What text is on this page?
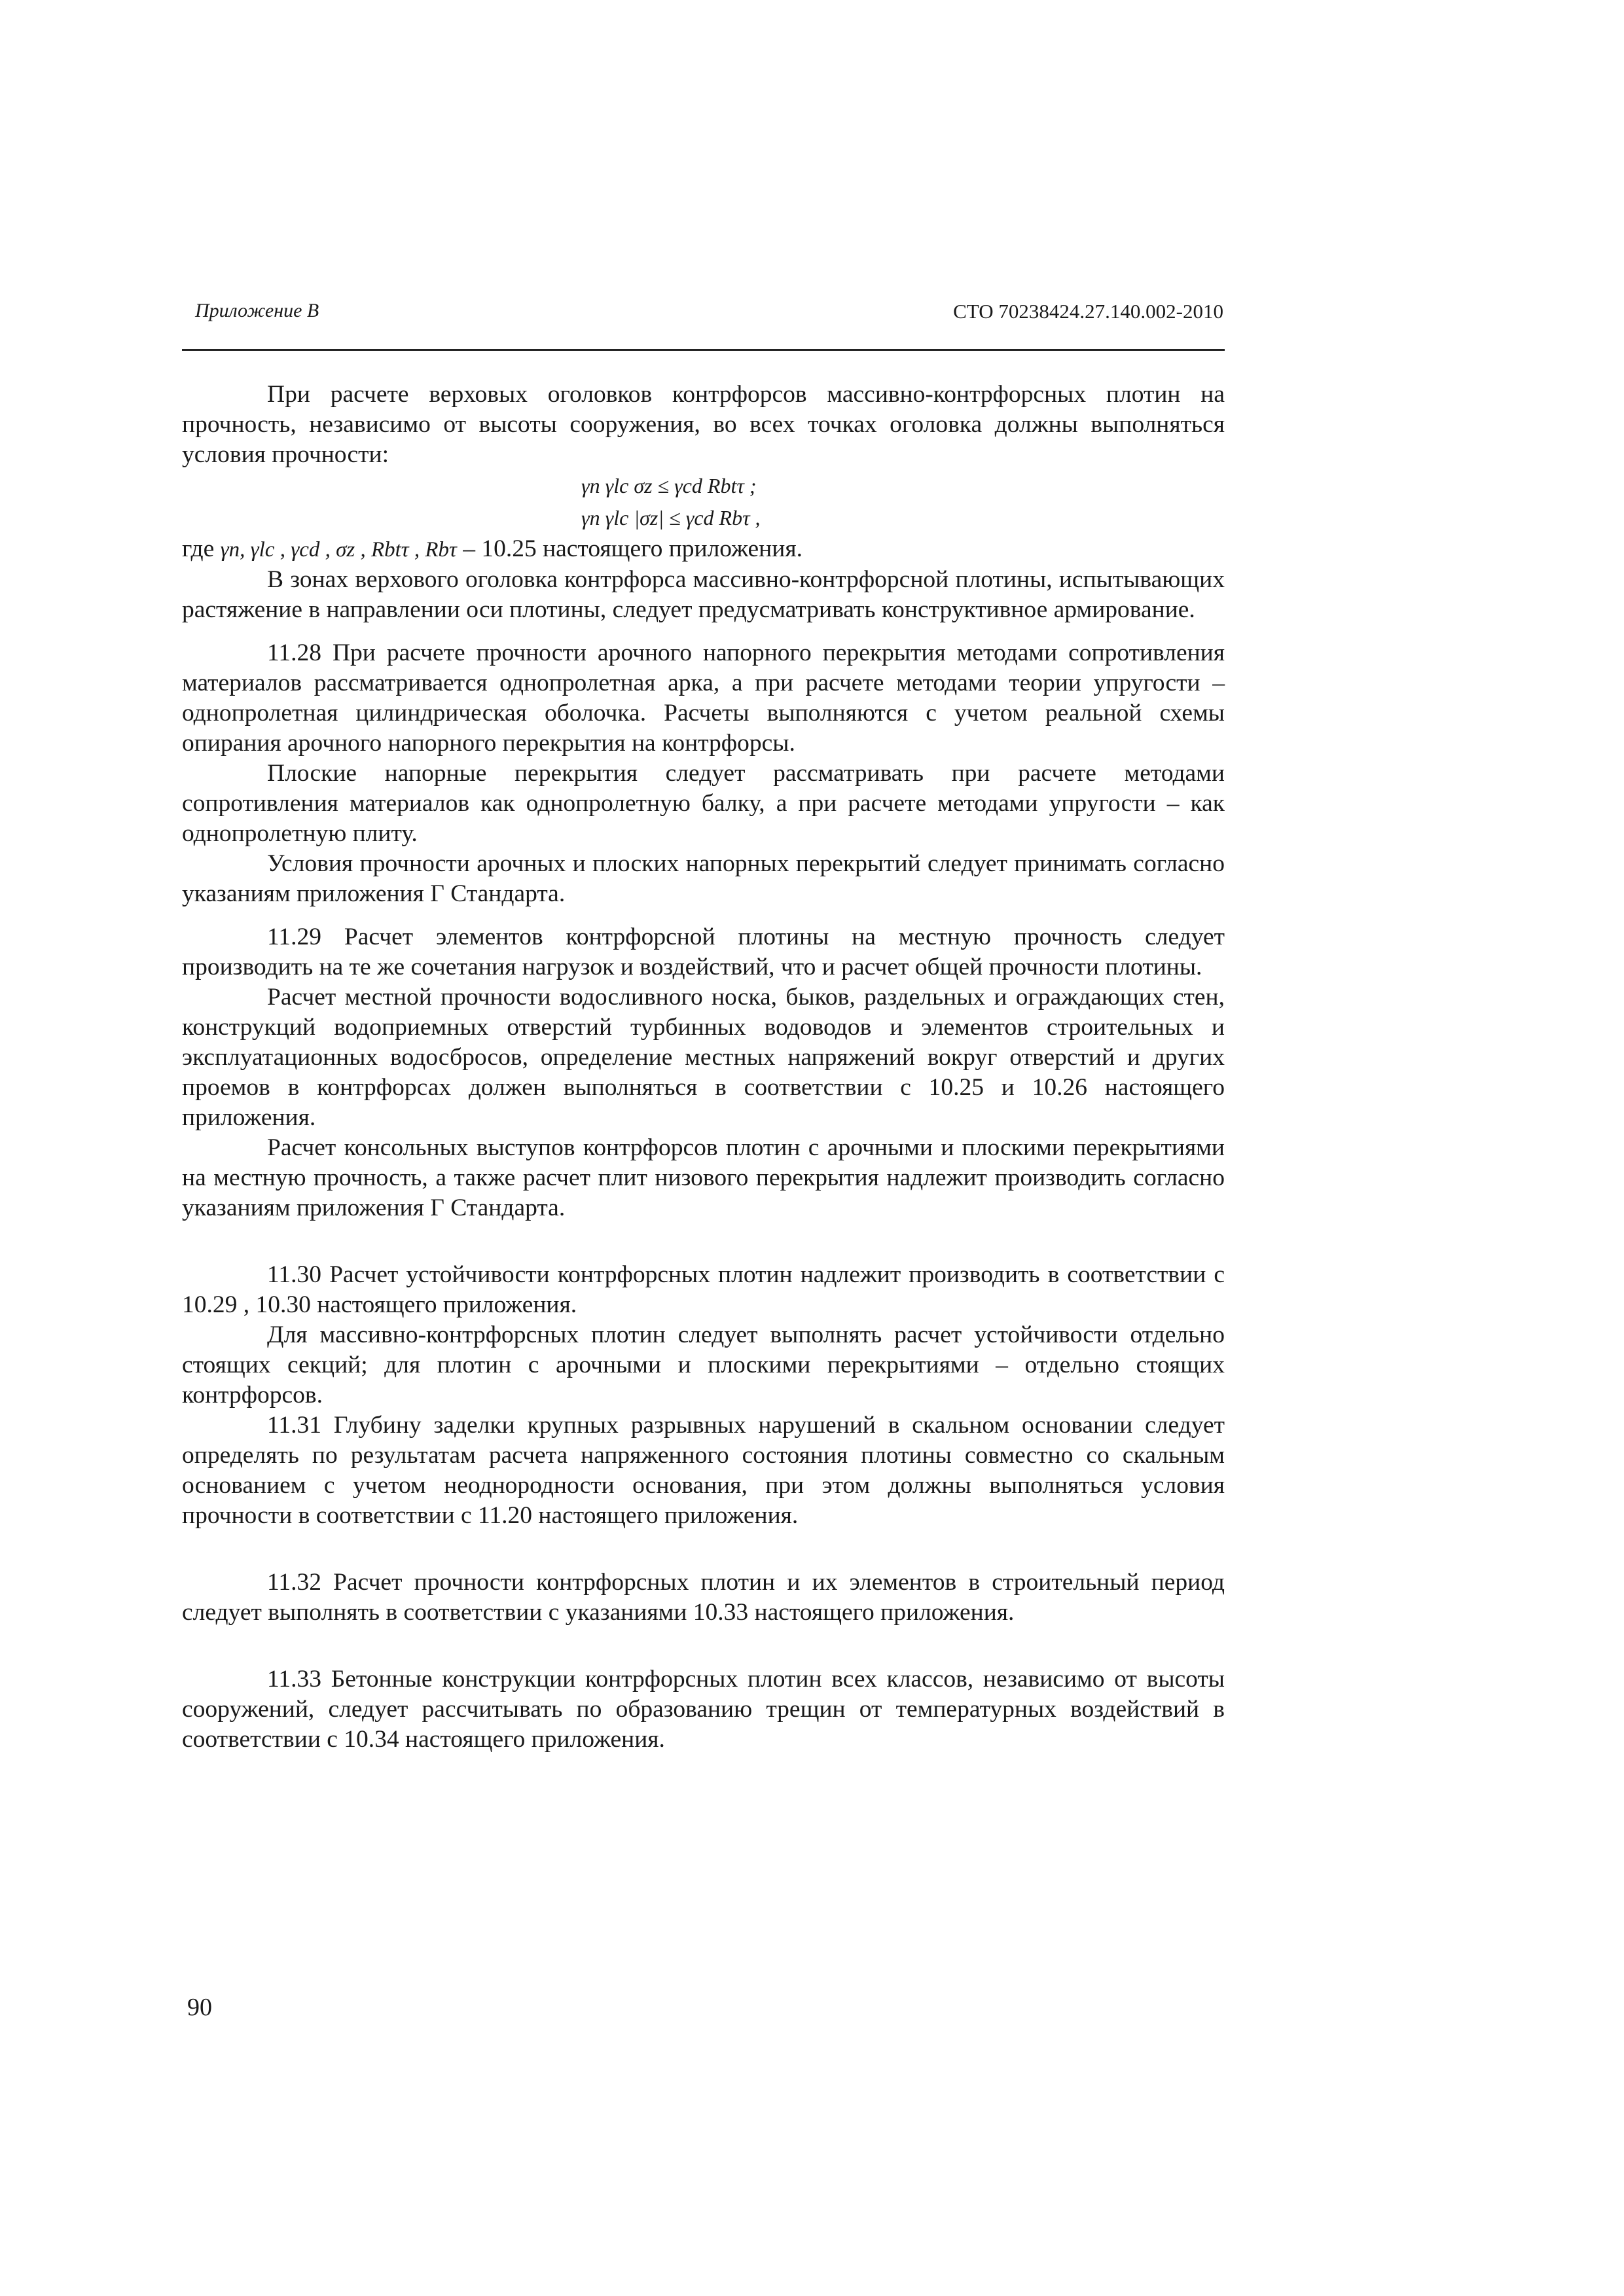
Приложение В	СТО 70238424.27.140.002-2010

При расчете верховых оголовков контрфорсов массивно-контрфорсных плотин на прочность, независимо от высоты сооружения, во всех точках оголовка должны выполняться условия прочности:

γn γlc σz ≤ γcd Rbtτ ;
γn γlc |σz| ≤ γcd Rbτ ,

где γn, γlc , γcd , σz , Rbtτ , Rbτ – 10.25 настоящего приложения.

В зонах верхового оголовка контрфорса массивно-контрфорсной плотины, испытывающих растяжение в направлении оси плотины, следует предусматривать конструктивное армирование.

11.28 При расчете прочности арочного напорного перекрытия методами сопротивления материалов рассматривается однопролетная арка, а при расчете методами теории упругости – однопролетная цилиндрическая оболочка. Расчеты выполняются с учетом реальной схемы опирания арочного напорного перекрытия на контрфорсы.

Плоские напорные перекрытия следует рассматривать при расчете методами сопротивления материалов как однопролетную балку, а при расчете методами упругости – как однопролетную плиту.

Условия прочности арочных и плоских напорных перекрытий следует принимать согласно указаниям приложения Г Стандарта.

11.29 Расчет элементов контрфорсной плотины на местную прочность следует производить на те же сочетания нагрузок и воздействий, что и расчет общей прочности плотины.

Расчет местной прочности водосливного носка, быков, раздельных и ограждающих стен, конструкций водоприемных отверстий турбинных водоводов и элементов строительных и эксплуатационных водосбросов, определение местных напряжений вокруг отверстий и других проемов в контрфорсах должен выполняться в соответствии с 10.25 и 10.26 настоящего приложения.

Расчет консольных выступов контрфорсов плотин с арочными и плоскими перекрытиями на местную прочность, а также расчет плит низового перекрытия надлежит производить согласно указаниям приложения Г Стандарта.

11.30 Расчет устойчивости контрфорсных плотин надлежит производить в соответствии с 10.29 , 10.30 настоящего приложения.

Для массивно-контрфорсных плотин следует выполнять расчет устойчивости отдельно стоящих секций; для плотин с арочными и плоскими перекрытиями – отдельно стоящих контрфорсов.

11.31 Глубину заделки крупных разрывных нарушений в скальном основании следует определять по результатам расчета напряженного состояния плотины совместно со скальным основанием с учетом неоднородности основания, при этом должны выполняться условия прочности в соответствии с 11.20 настоящего приложения.

11.32 Расчет прочности контрфорсных плотин и их элементов в строительный период следует выполнять в соответствии с указаниями 10.33 настоящего приложения.

11.33 Бетонные конструкции контрфорсных плотин всех классов, независимо от высоты сооружений, следует рассчитывать по образованию трещин от температурных воздействий в соответствии с 10.34 настоящего приложения.

90
